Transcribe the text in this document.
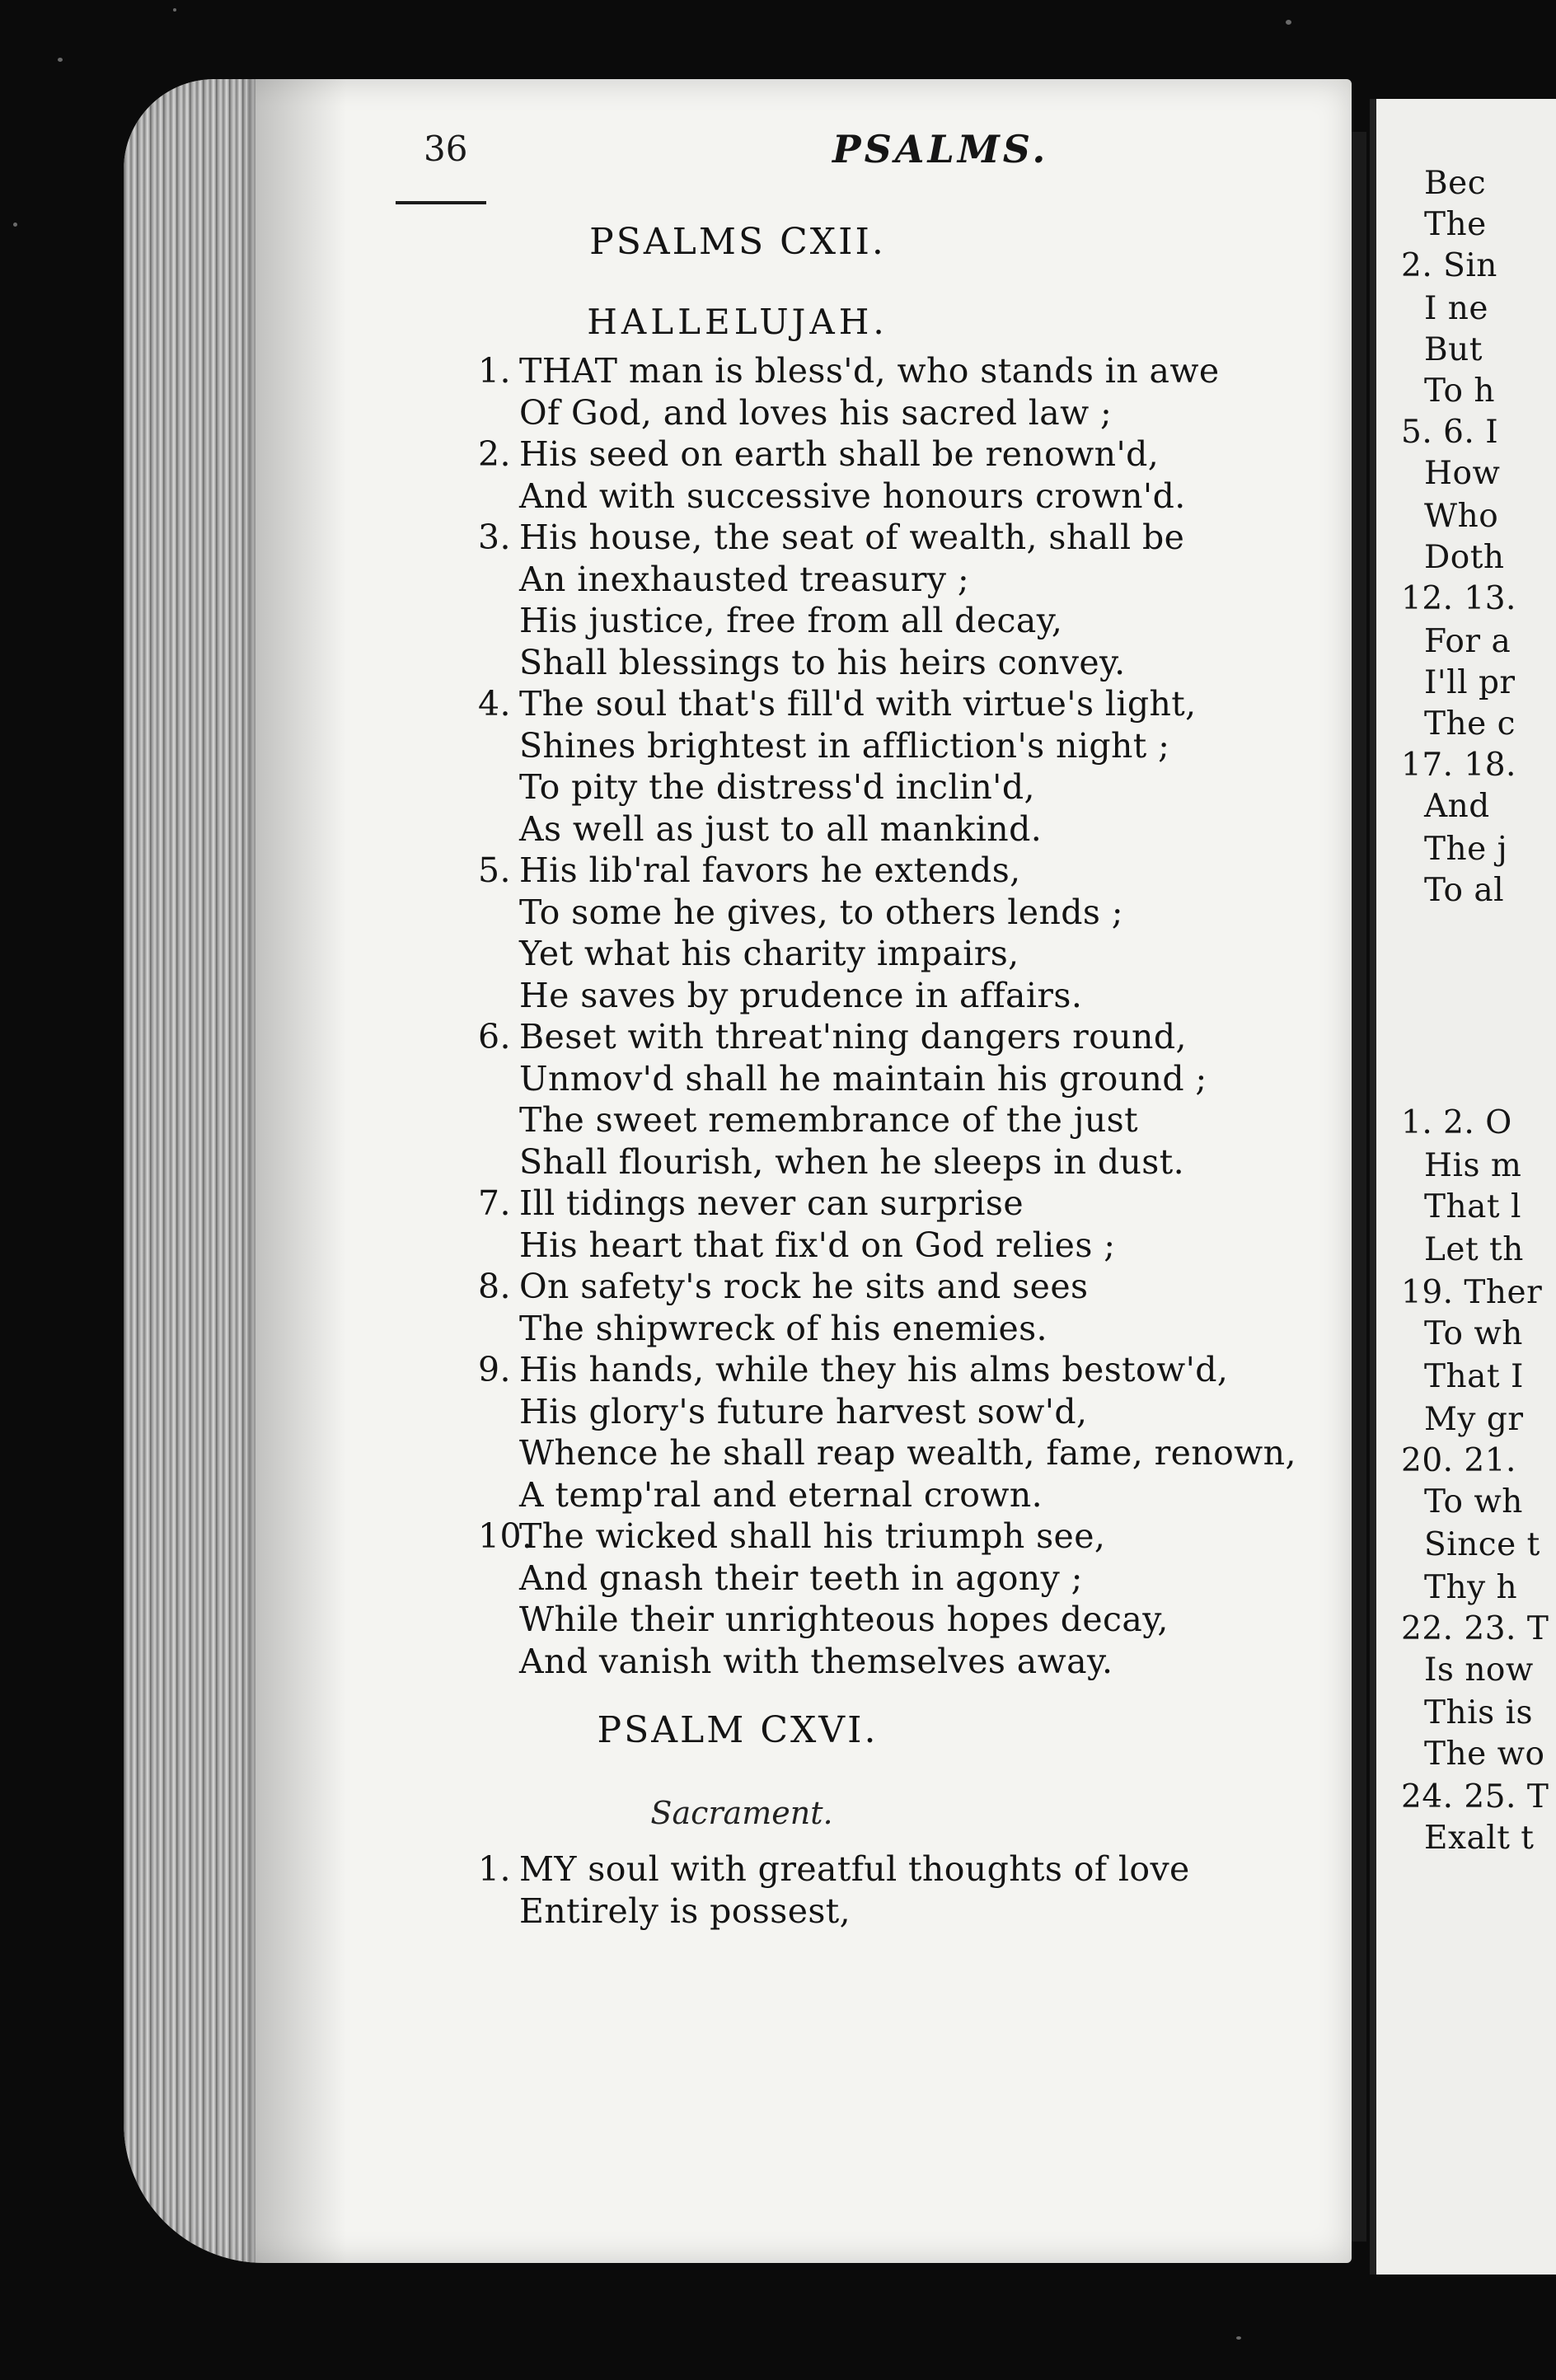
36	PSALMS.
PSALMS CXII.
HALLELUJAH.
1. THAT man is bless'd, who stands in awe
Of God, and loves his sacred law ;
2. His seed on earth shall be renown'd,
And with successive honours crown'd.
3. His house, the seat of wealth, shall be
An inexhausted treasury ;
His justice, free from all decay,
Shall blessings to his heirs convey.
4. The soul that's fill'd with virtue's light,
Shines brightest in affliction's night ;
To pity the distress'd inclin'd,
As well as just to all mankind.
5. His lib'ral favors he extends,
To some he gives, to others lends ;
Yet what his charity impairs,
He saves by prudence in affairs.
6. Beset with threat'ning dangers round,
Unmov'd shall he maintain his ground ;
The sweet remembrance of the just
Shall flourish, when he sleeps in dust.
7. Ill tidings never can surprise
His heart that fix'd on God relies ;
8. On safety's rock he sits and sees
The shipwreck of his enemies.
9. His hands, while they his alms bestow'd,
His glory's future harvest sow'd,
Whence he shall reap wealth, fame, renown,
A temp'ral and eternal crown.
10.The wicked shall his triumph see,
And gnash their teeth in agony ;
While their unrighteous hopes decay,
And vanish with themselves away.
PSALM CXVI.
Sacrament.
1. MY soul with greatful thoughts of love
Entirely is possest,
Bec
The
2. Sin
I ne
But
To h
5. 6. I
How
Who
Doth
12. 13.
For a
I'll pr
The c
17. 18.
And
The j
To al
1. 2. O
His m
That l
Let th
19. Ther
To wh
That I
My gr
20. 21.
To wh
Since t
Thy h
22. 23. T
Is now
This is
The wo
24. 25. T
Exalt t
